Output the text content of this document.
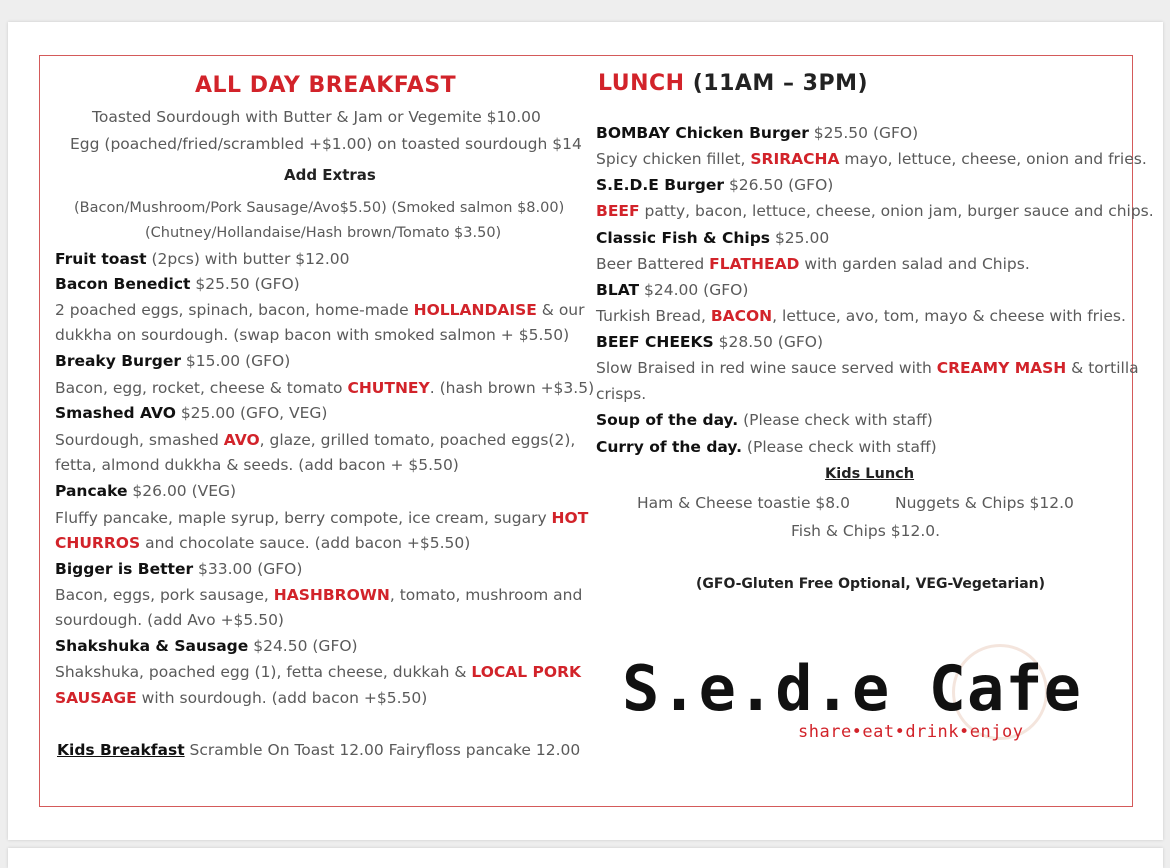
ALL DAY BREAKFAST
Toasted Sourdough with Butter & Jam or Vegemite $10.00
Egg (poached/fried/scrambled +$1.00) on toasted sourdough $14
Add Extras
(Bacon/Mushroom/Pork Sausage/Avo$5.50) (Smoked salmon $8.00)
(Chutney/Hollandaise/Hash brown/Tomato $3.50)
Fruit toast (2pcs) with butter $12.00
Bacon Benedict $25.50 (GFO)
2 poached eggs, spinach, bacon, home-made HOLLANDAISE & our
dukkha on sourdough. (swap bacon with smoked salmon + $5.50)
Breaky Burger $15.00 (GFO)
Bacon, egg, rocket, cheese & tomato CHUTNEY. (hash brown +$3.5)
Smashed AVO $25.00 (GFO, VEG)
Sourdough, smashed AVO, glaze, grilled tomato, poached eggs(2),
fetta, almond dukkha & seeds. (add bacon + $5.50)
Pancake $26.00 (VEG)
Fluffy pancake, maple syrup, berry compote, ice cream, sugary HOT
CHURROS and chocolate sauce. (add bacon +$5.50)
Bigger is Better $33.00 (GFO)
Bacon, eggs, pork sausage, HASHBROWN, tomato, mushroom and
sourdough. (add Avo +$5.50)
Shakshuka & Sausage $24.50 (GFO)
Shakshuka, poached egg (1), fetta cheese, dukkah & LOCAL PORK
SAUSAGE with sourdough. (add bacon +$5.50)
Kids Breakfast Scramble On Toast 12.00 Fairyfloss pancake 12.00
LUNCH (11AM – 3PM)
BOMBAY Chicken Burger $25.50 (GFO)
Spicy chicken fillet, SRIRACHA mayo, lettuce, cheese, onion and fries.
S.E.D.E Burger $26.50 (GFO)
BEEF patty, bacon, lettuce, cheese, onion jam, burger sauce and chips.
Classic Fish & Chips $25.00
Beer Battered FLATHEAD with garden salad and Chips.
BLAT $24.00 (GFO)
Turkish Bread, BACON, lettuce, avo, tom, mayo & cheese with fries.
BEEF CHEEKS $28.50 (GFO)
Slow Braised in red wine sauce served with CREAMY MASH & tortilla
crisps.
Soup of the day. (Please check with staff)
Curry of the day. (Please check with staff)
Kids Lunch
Ham & Cheese toastie $8.0	Nuggets & Chips $12.0
Fish & Chips $12.0.
(GFO-Gluten Free Optional, VEG-Vegetarian)
S.e.d.e Cafe
share•eat•drink•enjoy
